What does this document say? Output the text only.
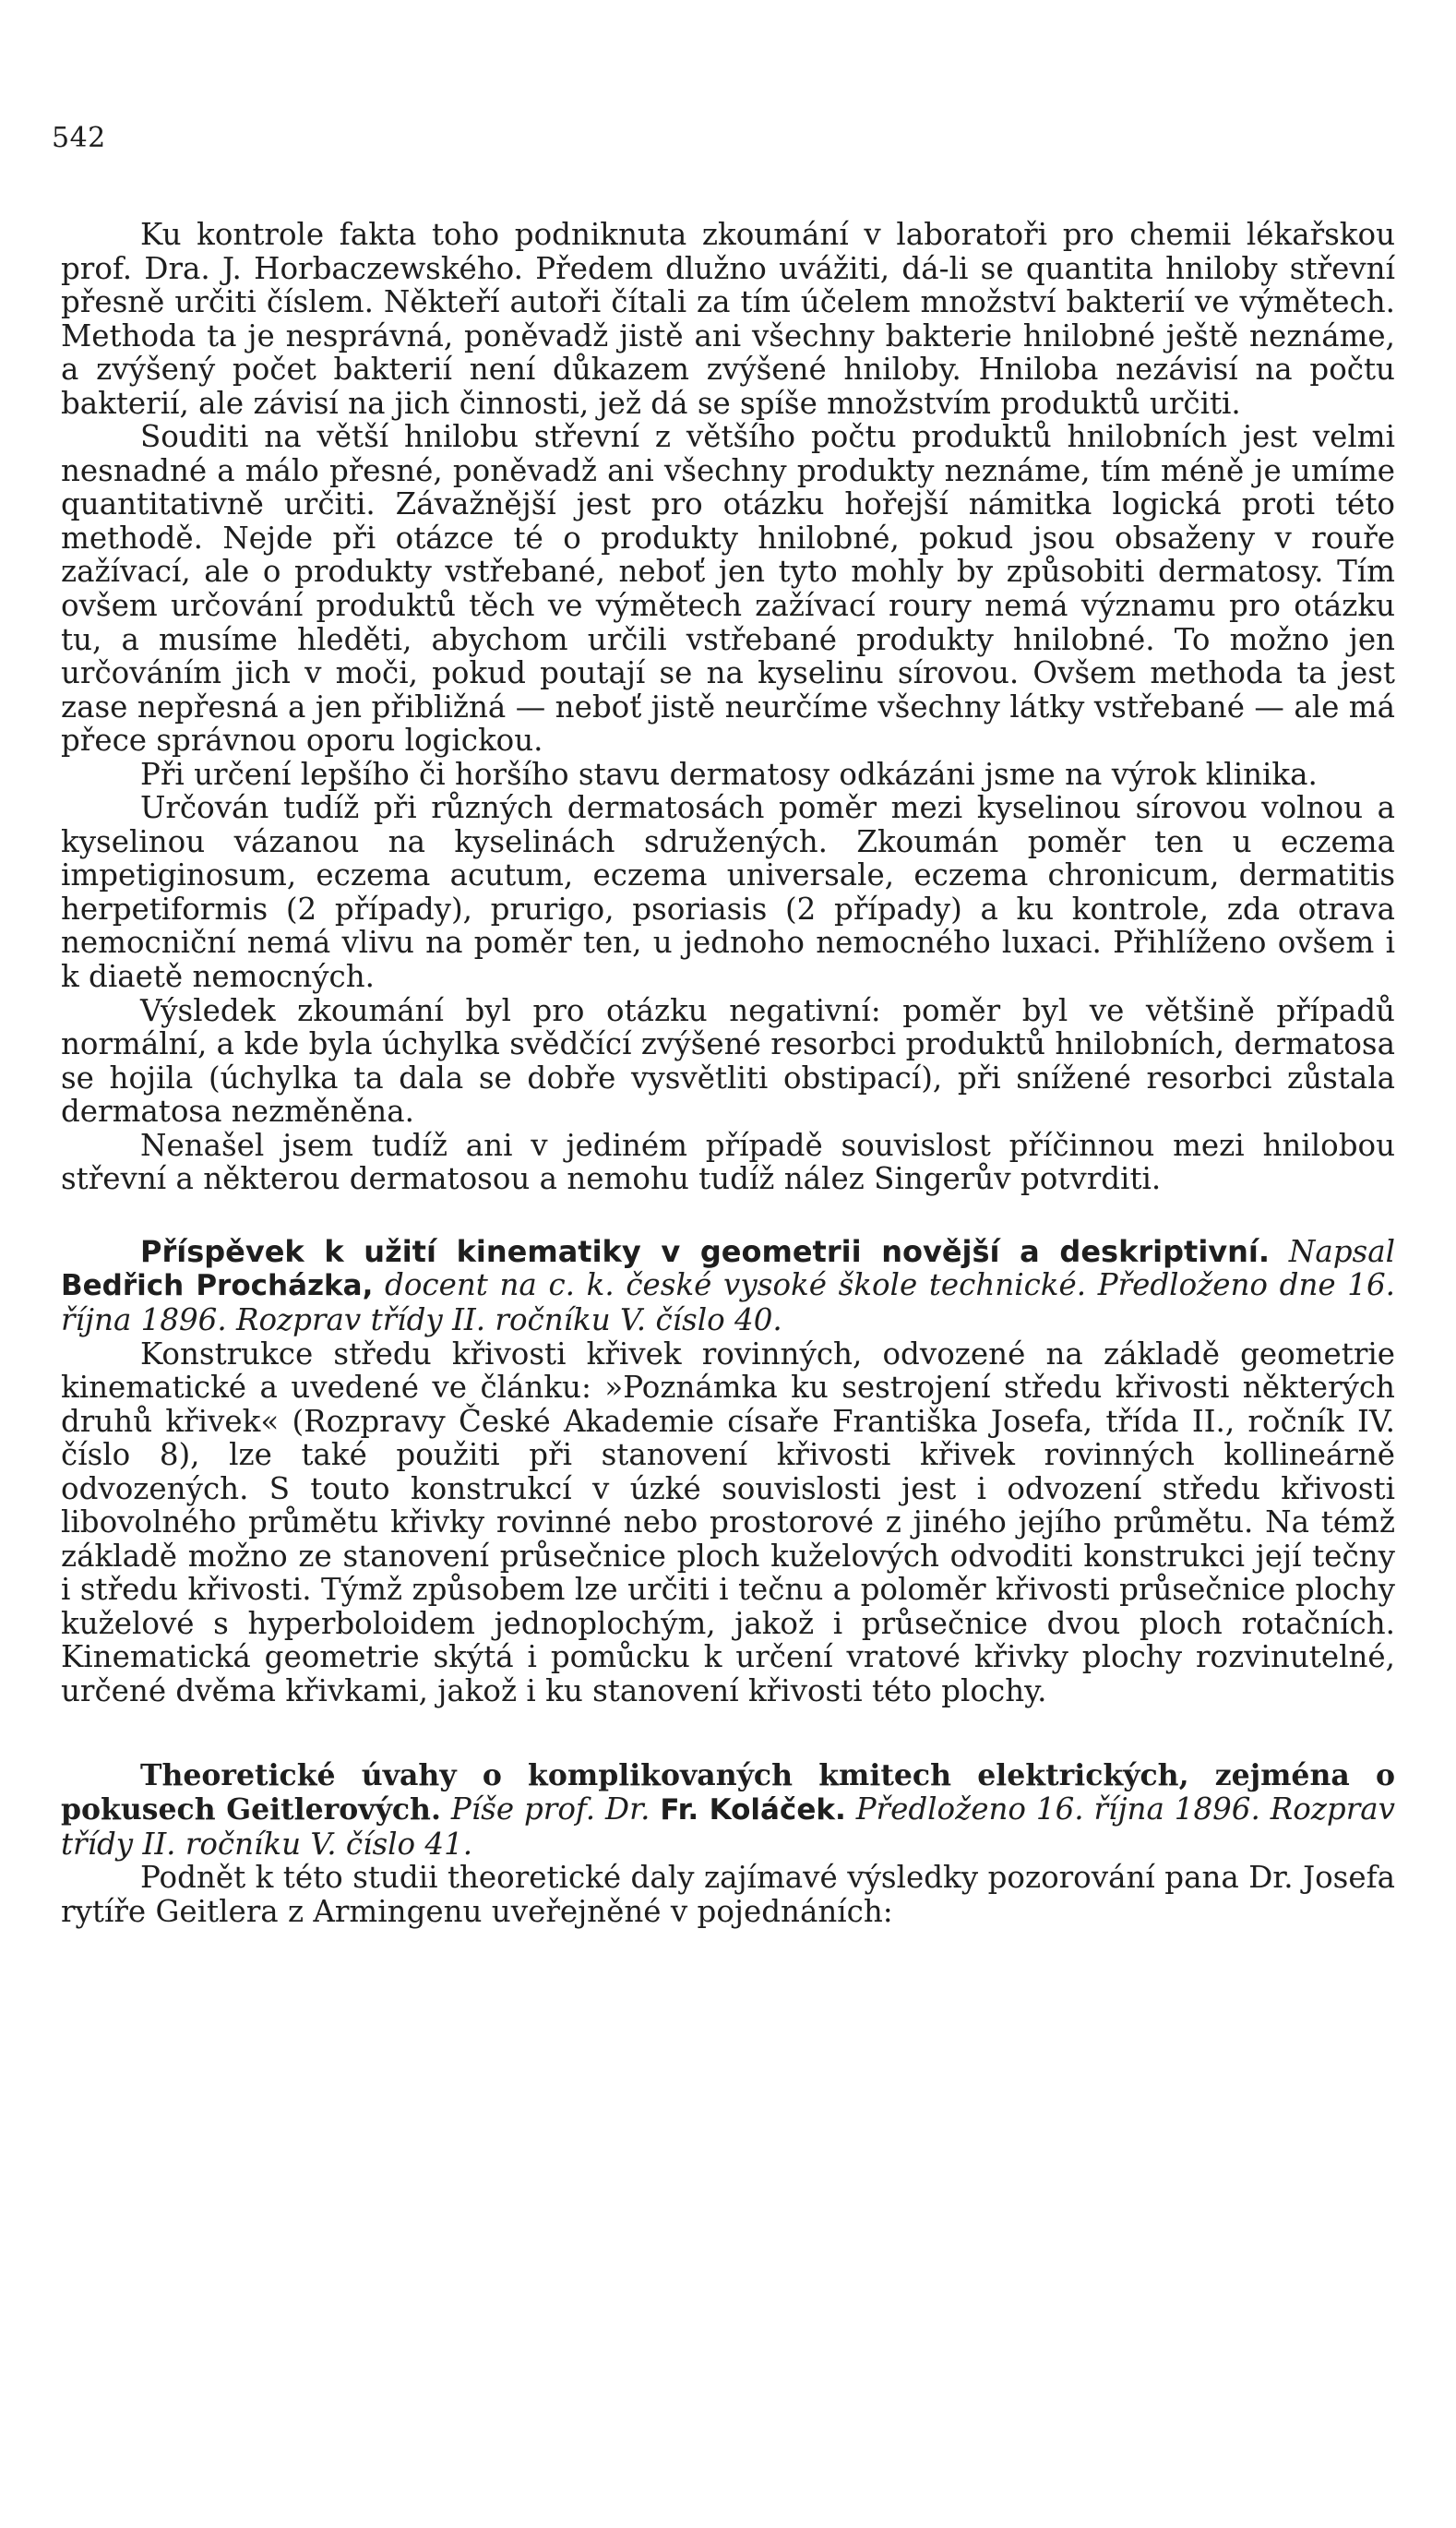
542

Ku kontrole fakta toho podniknuta zkoumání v laboratoři pro chemii lékařskou prof. Dra. J. Horbaczewského. Předem dlužno uvážiti, dá-li se quantita hniloby střevní přesně určiti číslem. Někteří autoři čítali za tím účelem množství bakterií ve výmětech. Methoda ta je nesprávná, poněvadž jistě ani všechny bakterie hnilobné ještě neznáme, a zvýšený počet bakterií není důkazem zvýšené hniloby. Hniloba nezávisí na počtu bakterií, ale závisí na jich činnosti, jež dá se spíše množstvím produktů určiti.

Souditi na větší hnilobu střevní z většího počtu produktů hnilobních jest velmi nesnadné a málo přesné, poněvadž ani všechny produkty neznáme, tím méně je umíme quantitativně určiti. Závažnější jest pro otázku hořejší námitka logická proti této methodě. Nejde při otázce té o produkty hnilobné, pokud jsou obsaženy v rouře zažívací, ale o produkty vstřebané, neboť jen tyto mohly by způsobiti dermatosy. Tím ovšem určování produktů těch ve výmětech zažívací roury nemá významu pro otázku tu, a musíme hleděti, abychom určili vstřebané produkty hnilobné. To možno jen určováním jich v moči, pokud poutají se na kyselinu sírovou. Ovšem methoda ta jest zase nepřesná a jen přibližná — neboť jistě neurčíme všechny látky vstřebané — ale má přece správnou oporu logickou.

Při určení lepšího či horšího stavu dermatosy odkázáni jsme na výrok klinika.

Určován tudíž při různých dermatosách poměr mezi kyselinou sírovou volnou a kyselinou vázanou na kyselinách sdružených. Zkoumán poměr ten u eczema impetiginosum, eczema acutum, eczema universale, eczema chronicum, dermatitis herpetiformis (2 případy), prurigo, psoriasis (2 případy) a ku kontrole, zda otrava nemocniční nemá vlivu na poměr ten, u jednoho nemocného luxaci. Přihlíženo ovšem i k diaetě nemocných.

Výsledek zkoumání byl pro otázku negativní: poměr byl ve většině případů normální, a kde byla úchylka svědčící zvýšené resorbci produktů hnilobních, dermatosa se hojila (úchylka ta dala se dobře vysvětliti obstipací), při snížené resorbci zůstala dermatosa nezměněna.

Nenašel jsem tudíž ani v jediném případě souvislost příčinnou mezi hnilobou střevní a některou dermatosou a nemohu tudíž nález Singerův potvrditi.

Příspěvek k užití kinematiky v geometrii novější a deskriptivní. Napsal Bedřich Procházka, docent na c. k. české vysoké škole technické. Předloženo dne 16. října 1896. Rozprav třídy II. ročníku V. číslo 40.

Konstrukce středu křivosti křivek rovinných, odvozené na základě geometrie kinematické a uvedené ve článku: »Poznámka ku sestrojení středu křivosti některých druhů křivek« (Rozpravy České Akademie císaře Františka Josefa, třída II., ročník IV. číslo 8), lze také použiti při stanovení křivosti křivek rovinných kollineárně odvozených. S touto konstrukcí v úzké souvislosti jest i odvození středu křivosti libovolného průmětu křivky rovinné nebo prostorové z jiného jejího průmětu. Na témž základě možno ze stanovení průsečnice ploch kuželových odvoditi konstrukci její tečny i středu křivosti. Týmž způsobem lze určiti i tečnu a poloměr křivosti průsečnice plochy kuželové s hyperboloidem jednoplochým, jakož i průsečnice dvou ploch rotačních. Kinematická geometrie skýtá i pomůcku k určení vratové křivky plochy rozvinutelné, určené dvěma křivkami, jakož i ku stanovení křivosti této plochy.

Theoretické úvahy o komplikovaných kmitech elektrických, zejména o pokusech Geitlerových. Píše prof. Dr. Fr. Koláček. Předloženo 16. října 1896. Rozprav třídy II. ročníku V. číslo 41.

Podnět k této studii theoretické daly zajímavé výsledky pozorování pana Dr. Josefa rytíře Geitlera z Armingenu uveřejněné v pojednáních:
